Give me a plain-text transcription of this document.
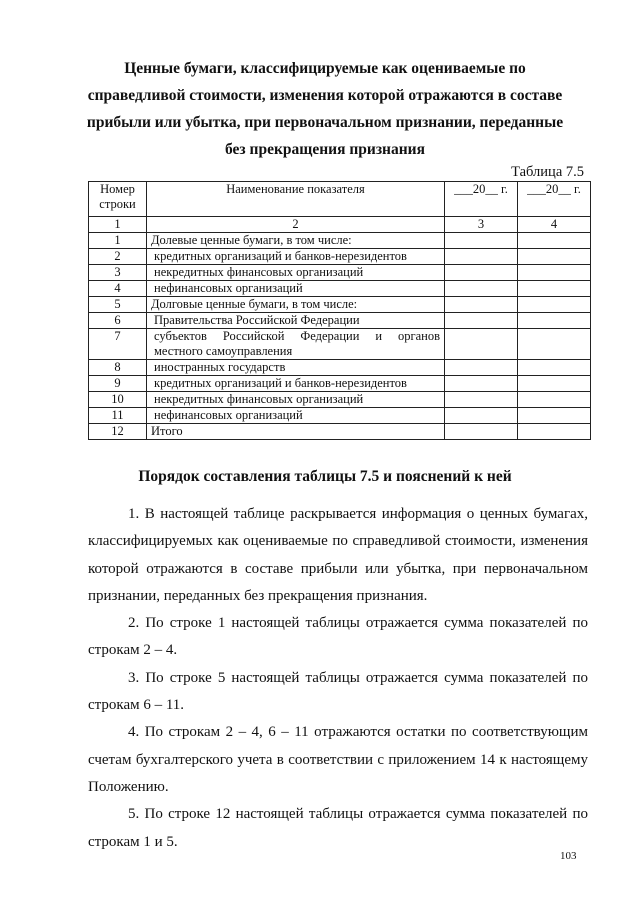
Ценные бумаги, классифицируемые как оцениваемые по справедливой стоимости, изменения которой отражаются в составе прибыли или убытка, при первоначальном признании, переданные без прекращения признания
Таблица 7.5
Номер строки	Наименование показателя	___20__ г.	___20__ г.
1	2	3	4
1	Долевые ценные бумаги, в том числе:		
2	кредитных организаций и банков-нерезидентов		
3	некредитных финансовых организаций		
4	нефинансовых организаций		
5	Долговые ценные бумаги, в том числе:		
6	Правительства Российской Федерации		
7	субъектов Российской Федерации и органов местного самоуправления		
8	иностранных государств		
9	кредитных организаций и банков-нерезидентов		
10	некредитных финансовых организаций		
11	нефинансовых организаций		
12	Итого		
Порядок составления таблицы 7.5 и пояснений к ней

1. В настоящей таблице раскрывается информация о ценных бумагах, классифицируемых как оцениваемые по справедливой стоимости, изменения которой отражаются в составе прибыли или убытка, при первоначальном признании, переданных без прекращения признания.

2. По строке 1 настоящей таблицы отражается сумма показателей по строкам 2 – 4.

3. По строке 5 настоящей таблицы отражается сумма показателей по строкам 6 – 11.

4. По строкам 2 – 4, 6 – 11 отражаются остатки по соответствующим счетам бухгалтерского учета в соответствии с приложением 14 к настоящему Положению.

5. По строке 12 настоящей таблицы отражается сумма показателей по строкам 1 и 5.

103
